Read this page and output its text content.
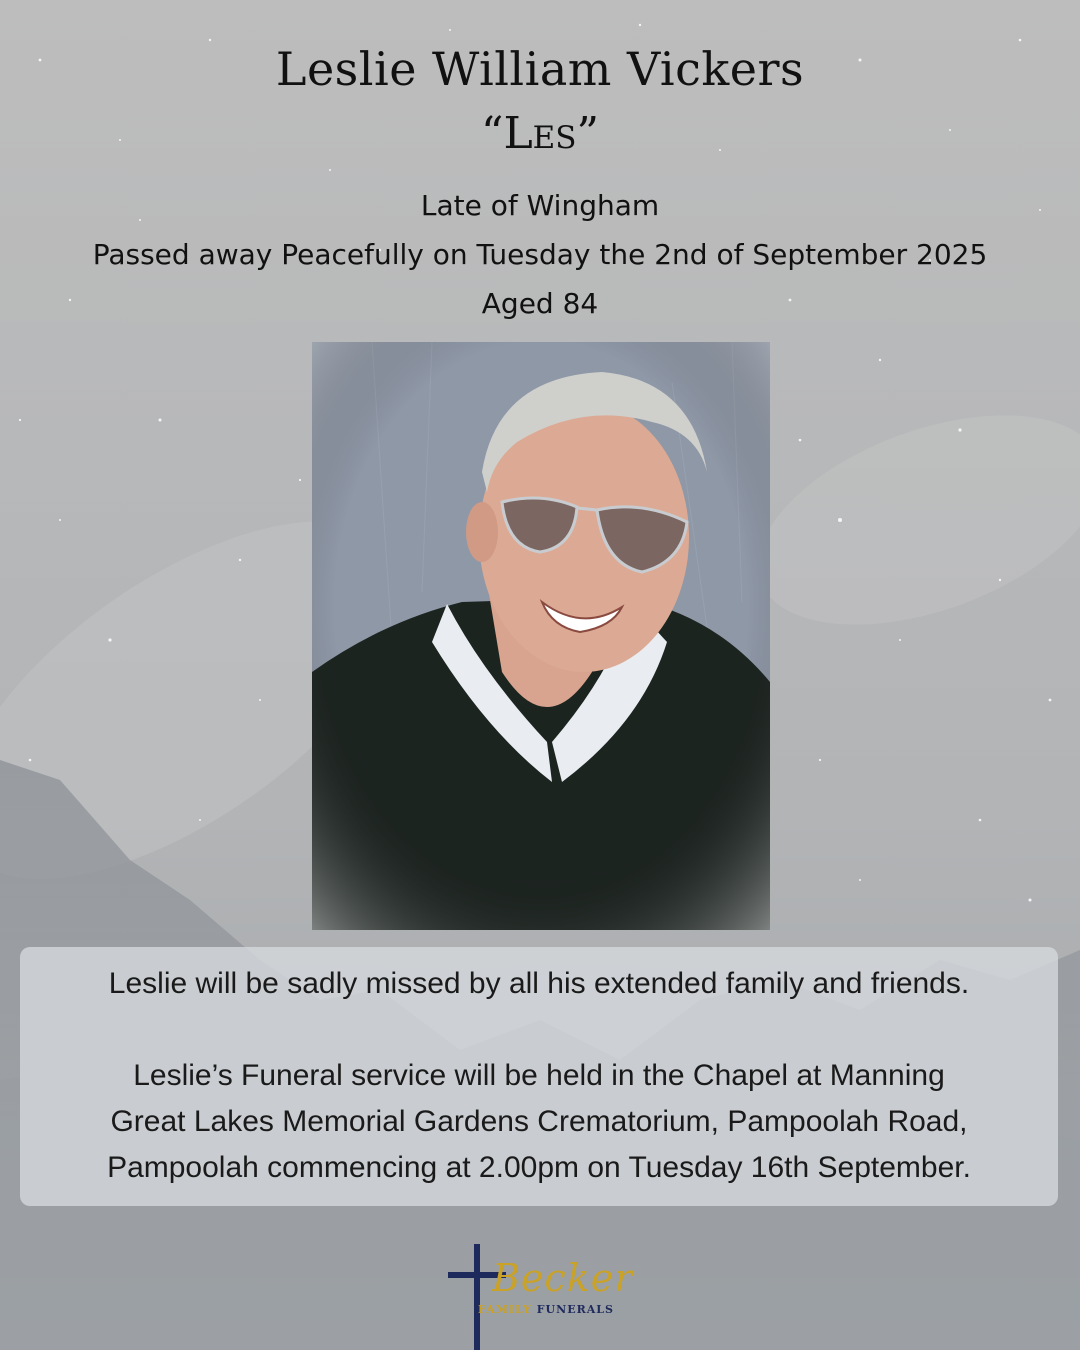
Leslie William Vickers
“Les”
Late of Wingham
Passed away Peacefully on Tuesday the 2nd of September 2025
Aged 84
Leslie will be sadly missed by all his extended family and friends.
Leslie’s Funeral service will be held in the Chapel at Manning
Great Lakes Memorial Gardens Crematorium, Pampoolah Road,
Pampoolah commencing at 2.00pm on Tuesday 16th September.
Becker
FAMILY FUNERALS
